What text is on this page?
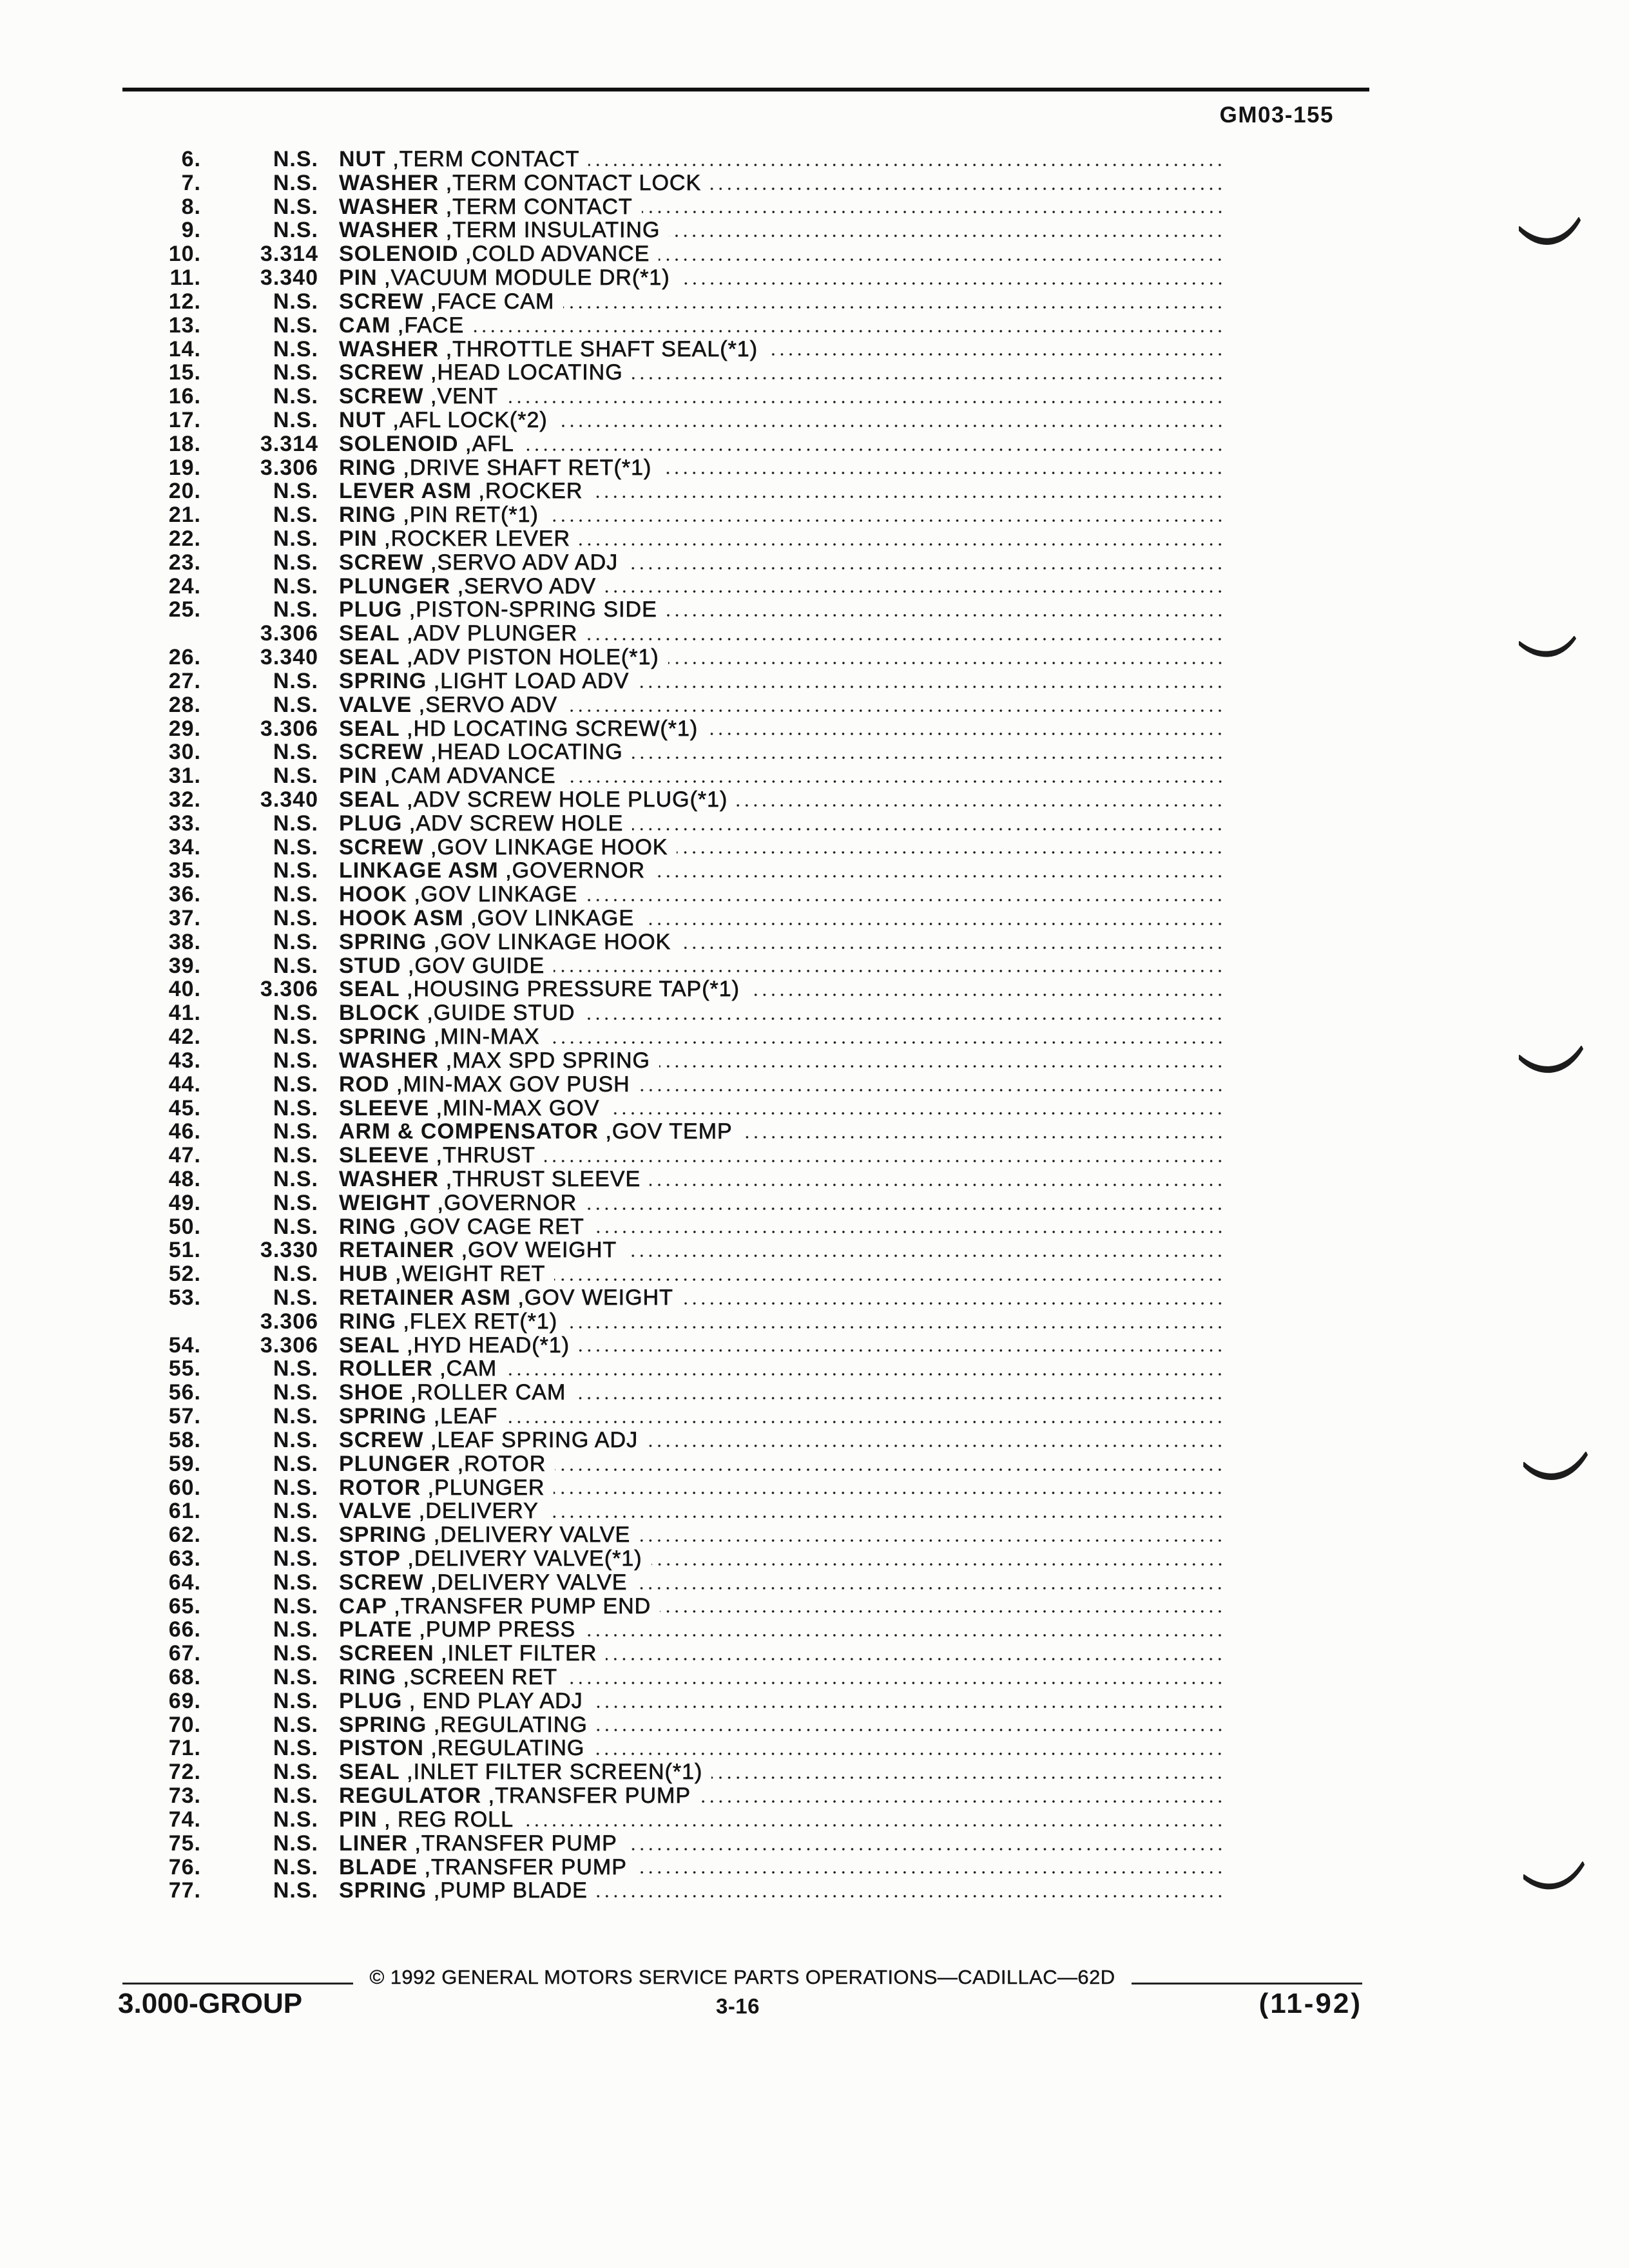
GM03-155
6.	N.S. NUT ,TERM CONTACT
7.	N.S. WASHER ,TERM CONTACT LOCK
8.	N.S. WASHER ,TERM CONTACT
9.	N.S. WASHER ,TERM INSULATING
10.	3.314 SOLENOID ,COLD ADVANCE
11.	3.340 PIN ,VACUUM MODULE DR(*1)
12.	N.S. SCREW ,FACE CAM
13.	N.S. CAM ,FACE
14.	N.S. WASHER ,THROTTLE SHAFT SEAL(*1)
15.	N.S. SCREW ,HEAD LOCATING
16.	N.S. SCREW ,VENT
17.	N.S. NUT ,AFL LOCK(*2)
18.	3.314 SOLENOID ,AFL
19.	3.306 RING ,DRIVE SHAFT RET(*1)
20.	N.S. LEVER ASM ,ROCKER
21.	N.S. RING ,PIN RET(*1)
22.	N.S. PIN ,ROCKER LEVER
23.	N.S. SCREW ,SERVO ADV ADJ
24.	N.S. PLUNGER ,SERVO ADV
25.	N.S. PLUG ,PISTON-SPRING SIDE
3.306 SEAL ,ADV PLUNGER
26.	3.340 SEAL ,ADV PISTON HOLE(*1)
27.	N.S. SPRING ,LIGHT LOAD ADV
28.	N.S. VALVE ,SERVO ADV
29.	3.306 SEAL ,HD LOCATING SCREW(*1)
30.	N.S. SCREW ,HEAD LOCATING
31.	N.S. PIN ,CAM ADVANCE
32.	3.340 SEAL ,ADV SCREW HOLE PLUG(*1)
33.	N.S. PLUG ,ADV SCREW HOLE
34.	N.S. SCREW ,GOV LINKAGE HOOK
35.	N.S. LINKAGE ASM ,GOVERNOR
36.	N.S. HOOK ,GOV LINKAGE
37.	N.S. HOOK ASM ,GOV LINKAGE
38.	N.S. SPRING ,GOV LINKAGE HOOK
39.	N.S. STUD ,GOV GUIDE
40.	3.306 SEAL ,HOUSING PRESSURE TAP(*1)
41.	N.S. BLOCK ,GUIDE STUD
42.	N.S. SPRING ,MIN-MAX
43.	N.S. WASHER ,MAX SPD SPRING
44.	N.S. ROD ,MIN-MAX GOV PUSH
45.	N.S. SLEEVE ,MIN-MAX GOV
46.	N.S. ARM & COMPENSATOR ,GOV TEMP
47.	N.S. SLEEVE ,THRUST
48.	N.S. WASHER ,THRUST SLEEVE
49.	N.S. WEIGHT ,GOVERNOR
50.	N.S. RING ,GOV CAGE RET
51.	3.330 RETAINER ,GOV WEIGHT
52.	N.S. HUB ,WEIGHT RET
53.	N.S. RETAINER ASM ,GOV WEIGHT
3.306 RING ,FLEX RET(*1)
54.	3.306 SEAL ,HYD HEAD(*1)
55.	N.S. ROLLER ,CAM
56.	N.S. SHOE ,ROLLER CAM
57.	N.S. SPRING ,LEAF
58.	N.S. SCREW ,LEAF SPRING ADJ
59.	N.S. PLUNGER ,ROTOR
60.	N.S. ROTOR ,PLUNGER
61.	N.S. VALVE ,DELIVERY
62.	N.S. SPRING ,DELIVERY VALVE
63.	N.S. STOP ,DELIVERY VALVE(*1)
64.	N.S. SCREW ,DELIVERY VALVE
65.	N.S. CAP ,TRANSFER PUMP END
66.	N.S. PLATE ,PUMP PRESS
67.	N.S. SCREEN ,INLET FILTER
68.	N.S. RING ,SCREEN RET
69.	N.S. PLUG , END PLAY ADJ
70.	N.S. SPRING ,REGULATING
71.	N.S. PISTON ,REGULATING
72.	N.S. SEAL ,INLET FILTER SCREEN(*1)
73.	N.S. REGULATOR ,TRANSFER PUMP
74.	N.S. PIN , REG ROLL
75.	N.S. LINER ,TRANSFER PUMP
76.	N.S. BLADE ,TRANSFER PUMP
77.	N.S. SPRING ,PUMP BLADE
© 1992 GENERAL MOTORS SERVICE PARTS OPERATIONS—CADILLAC—62D
3.000-GROUP	3-16	(11-92)
